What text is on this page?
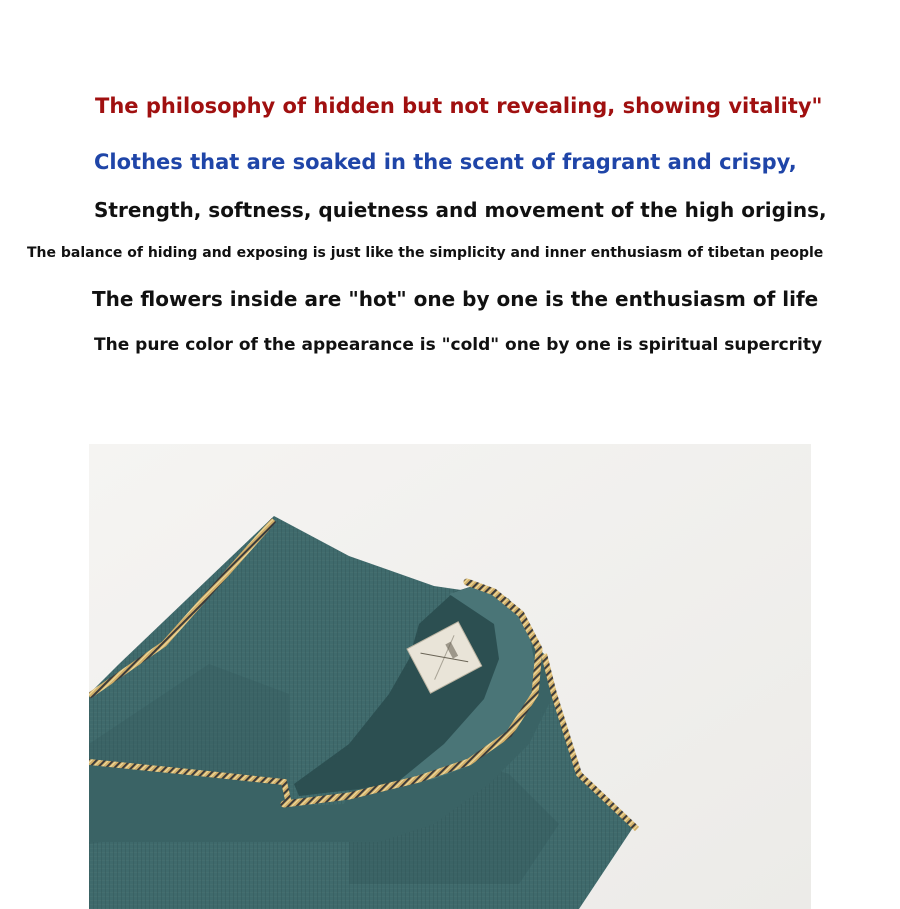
The philosophy of hidden but not revealing, showing vitality"

Clothes that are soaked in the scent of fragrant and crispy,

Strength, softness, quietness and movement of the high origins,

The balance of hiding and exposing is just like the simplicity and inner enthusiasm of tibetan people

The flowers inside are "hot" one by one is the enthusiasm of life

The pure color of the appearance is "cold" one by one is spiritual supercrity
